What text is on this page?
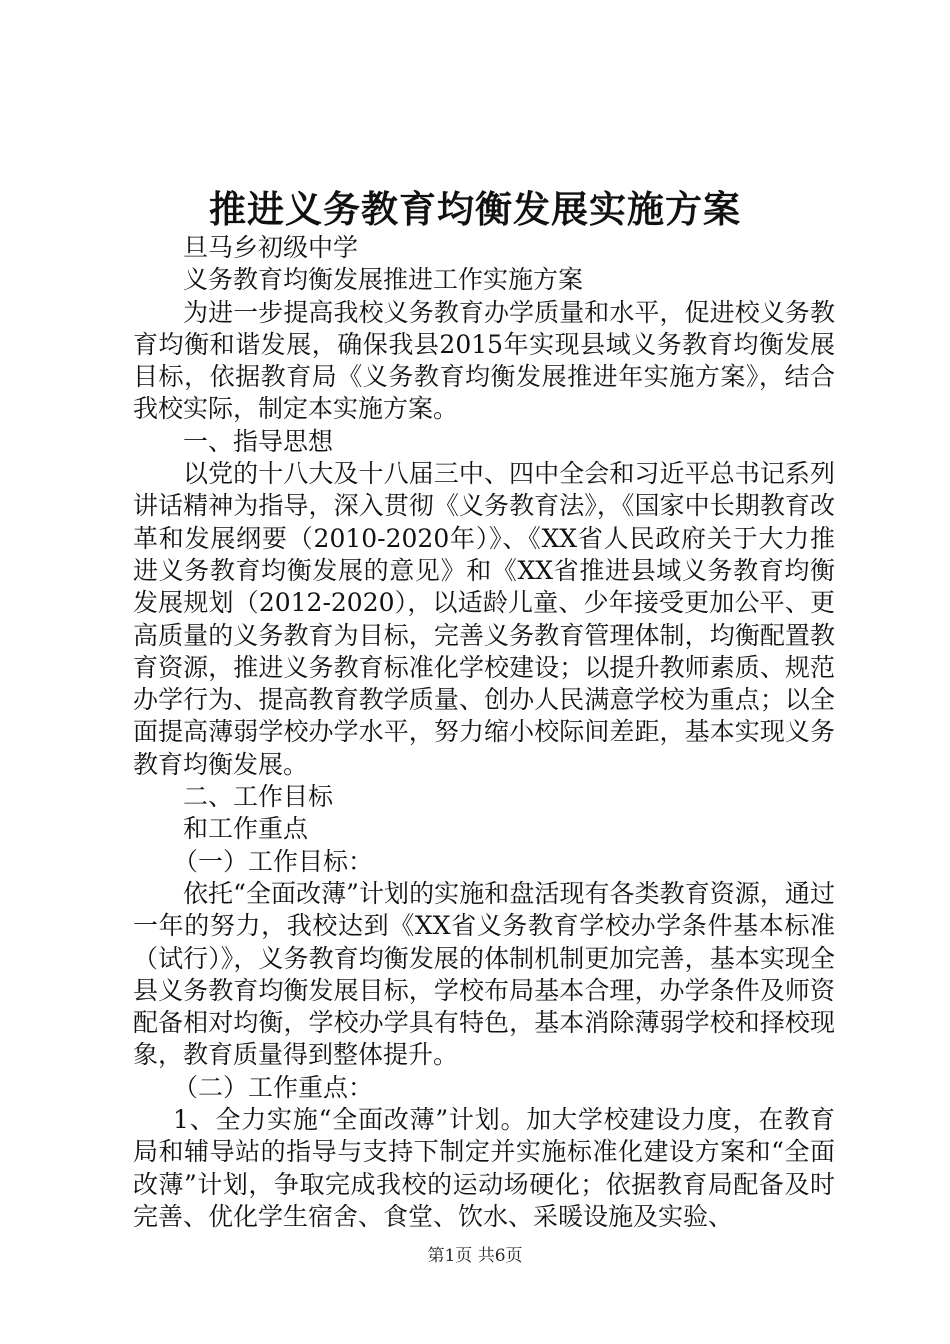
推进义务教育均衡发展实施方案

旦马乡初级中学

义务教育均衡发展推进工作实施方案

为进一步提高我校义务教育办学质量和水平，促进校义务教育均衡和谐发展，确保我县2015年实现县域义务教育均衡发展目标，依据教育局《义务教育均衡发展推进年实施方案》，结合我校实际，制定本实施方案。

一、指导思想

以党的十八大及十八届三中、四中全会和习近平总书记系列讲话精神为指导，深入贯彻《义务教育法》，《国家中长期教育改革和发展纲要（2010-2020年）》、《XX省人民政府关于大力推进义务教育均衡发展的意见》和《XX省推进县域义务教育均衡发展规划（2012-2020），以适龄儿童、少年接受更加公平、更高质量的义务教育为目标，完善义务教育管理体制，均衡配置教育资源，推进义务教育标准化学校建设；以提升教师素质、规范办学行为、提高教育教学质量、创办人民满意学校为重点；以全面提高薄弱学校办学水平，努力缩小校际间差距，基本实现义务教育均衡发展。

二、工作目标

和工作重点

（一）工作目标：

依托“全面改薄”计划的实施和盘活现有各类教育资源，通过一年的努力，我校达到《XX省义务教育学校办学条件基本标准（试行）》，义务教育均衡发展的体制机制更加完善，基本实现全县义务教育均衡发展目标，学校布局基本合理，办学条件及师资配备相对均衡，学校办学具有特色，基本消除薄弱学校和择校现象，教育质量得到整体提升。

（二）工作重点：

1、全力实施“全面改薄”计划。加大学校建设力度，在教育局和辅导站的指导与支持下制定并实施标准化建设方案和“全面改薄”计划，争取完成我校的运动场硬化；依据教育局配备及时完善、优化学生宿舍、食堂、饮水、采暖设施及实验、

第1页 共6页
